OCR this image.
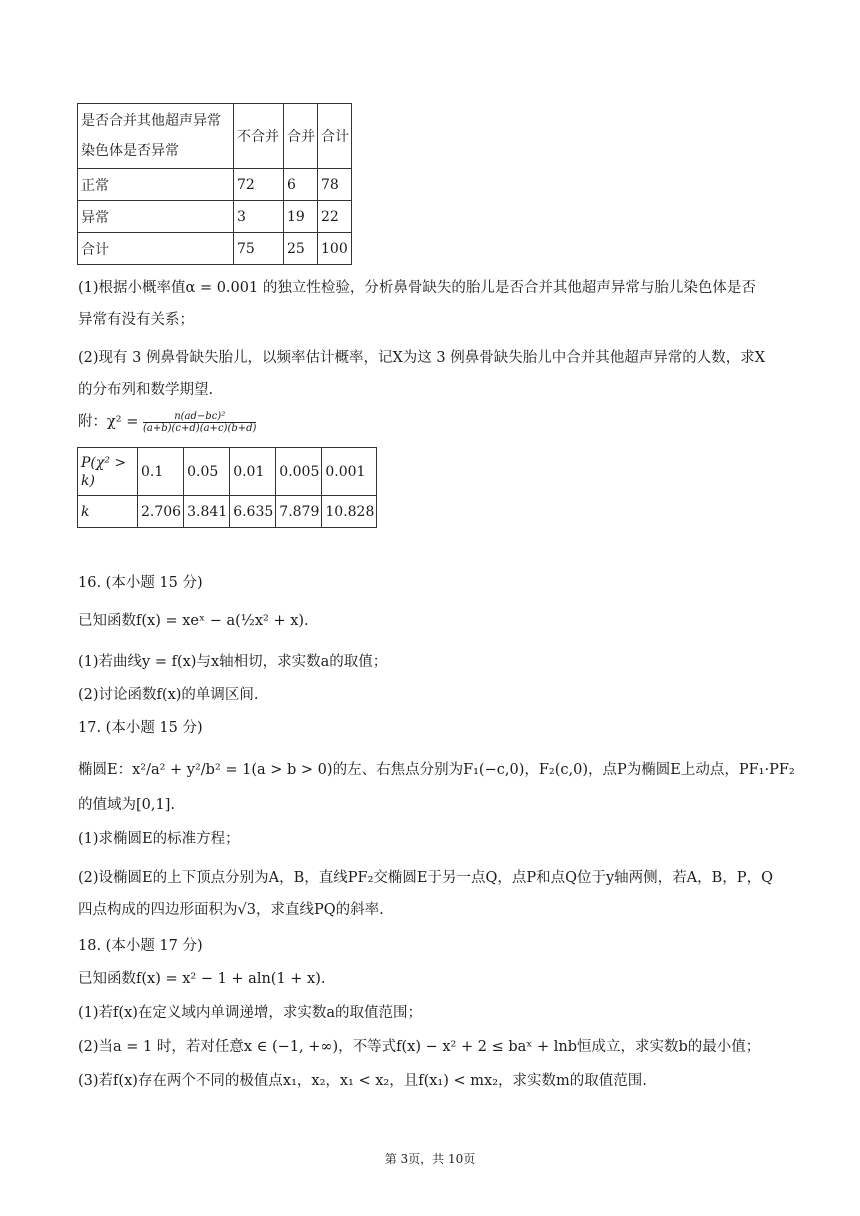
是否合并其他超声异常染色体是否异常	不合并	合并	合计
正常	72	6	78
异常	3	19	22
合计	75	25	100
(1)根据小概率值α = 0.001 的独立性检验，分析鼻骨缺失的胎儿是否合并其他超声异常与胎儿染色体是否
异常有没有关系；
(2)现有 3 例鼻骨缺失胎儿，以频率估计概率，记X为这 3 例鼻骨缺失胎儿中合并其他超声异常的人数，求X
的分布列和数学期望.
附：$\chi^2 = \frac{\text{n(ad−bc)²}}{(a+b)(c+d)(a+c)(b+d)}$
P(χ² > k)	0.1	0.05	0.01	0.005	0.001
k	2.706	3.841	6.635	7.879	10.828
16. (本小题 15 分)
已知函数f(x) = xeˣ − a(½x² + x).
(1)若曲线y = f(x)与x轴相切，求实数a的取值；
(2)讨论函数f(x)的单调区间.
17. (本小题 15 分)
椭圆E：x²/a² + y²/b² = 1(a > b > 0)的左、右焦点分别为F₁(−c,0)，F₂(c,0)，点P为椭圆E上动点，PF₁·PF₂
的值域为[0,1].
(1)求椭圆E的标准方程；
(2)设椭圆E的上下顶点分别为A，B，直线PF₂交椭圆E于另一点Q，点P和点Q位于y轴两侧，若A，B，P，Q
四点构成的四边形面积为√3，求直线PQ的斜率.
18. (本小题 17 分)
已知函数f(x) = x² − 1 + aln(1 + x).
(1)若f(x)在定义域内单调递增，求实数a的取值范围；
(2)当a = 1 时，若对任意x ∈ (−1, +∞)，不等式f(x) − x² + 2 ≤ baˣ + lnb恒成立，求实数b的最小值；
(3)若f(x)存在两个不同的极值点x₁，x₂，x₁ < x₂，且f(x₁) < mx₂，求实数m的取值范围.
第 3页，共 10页
